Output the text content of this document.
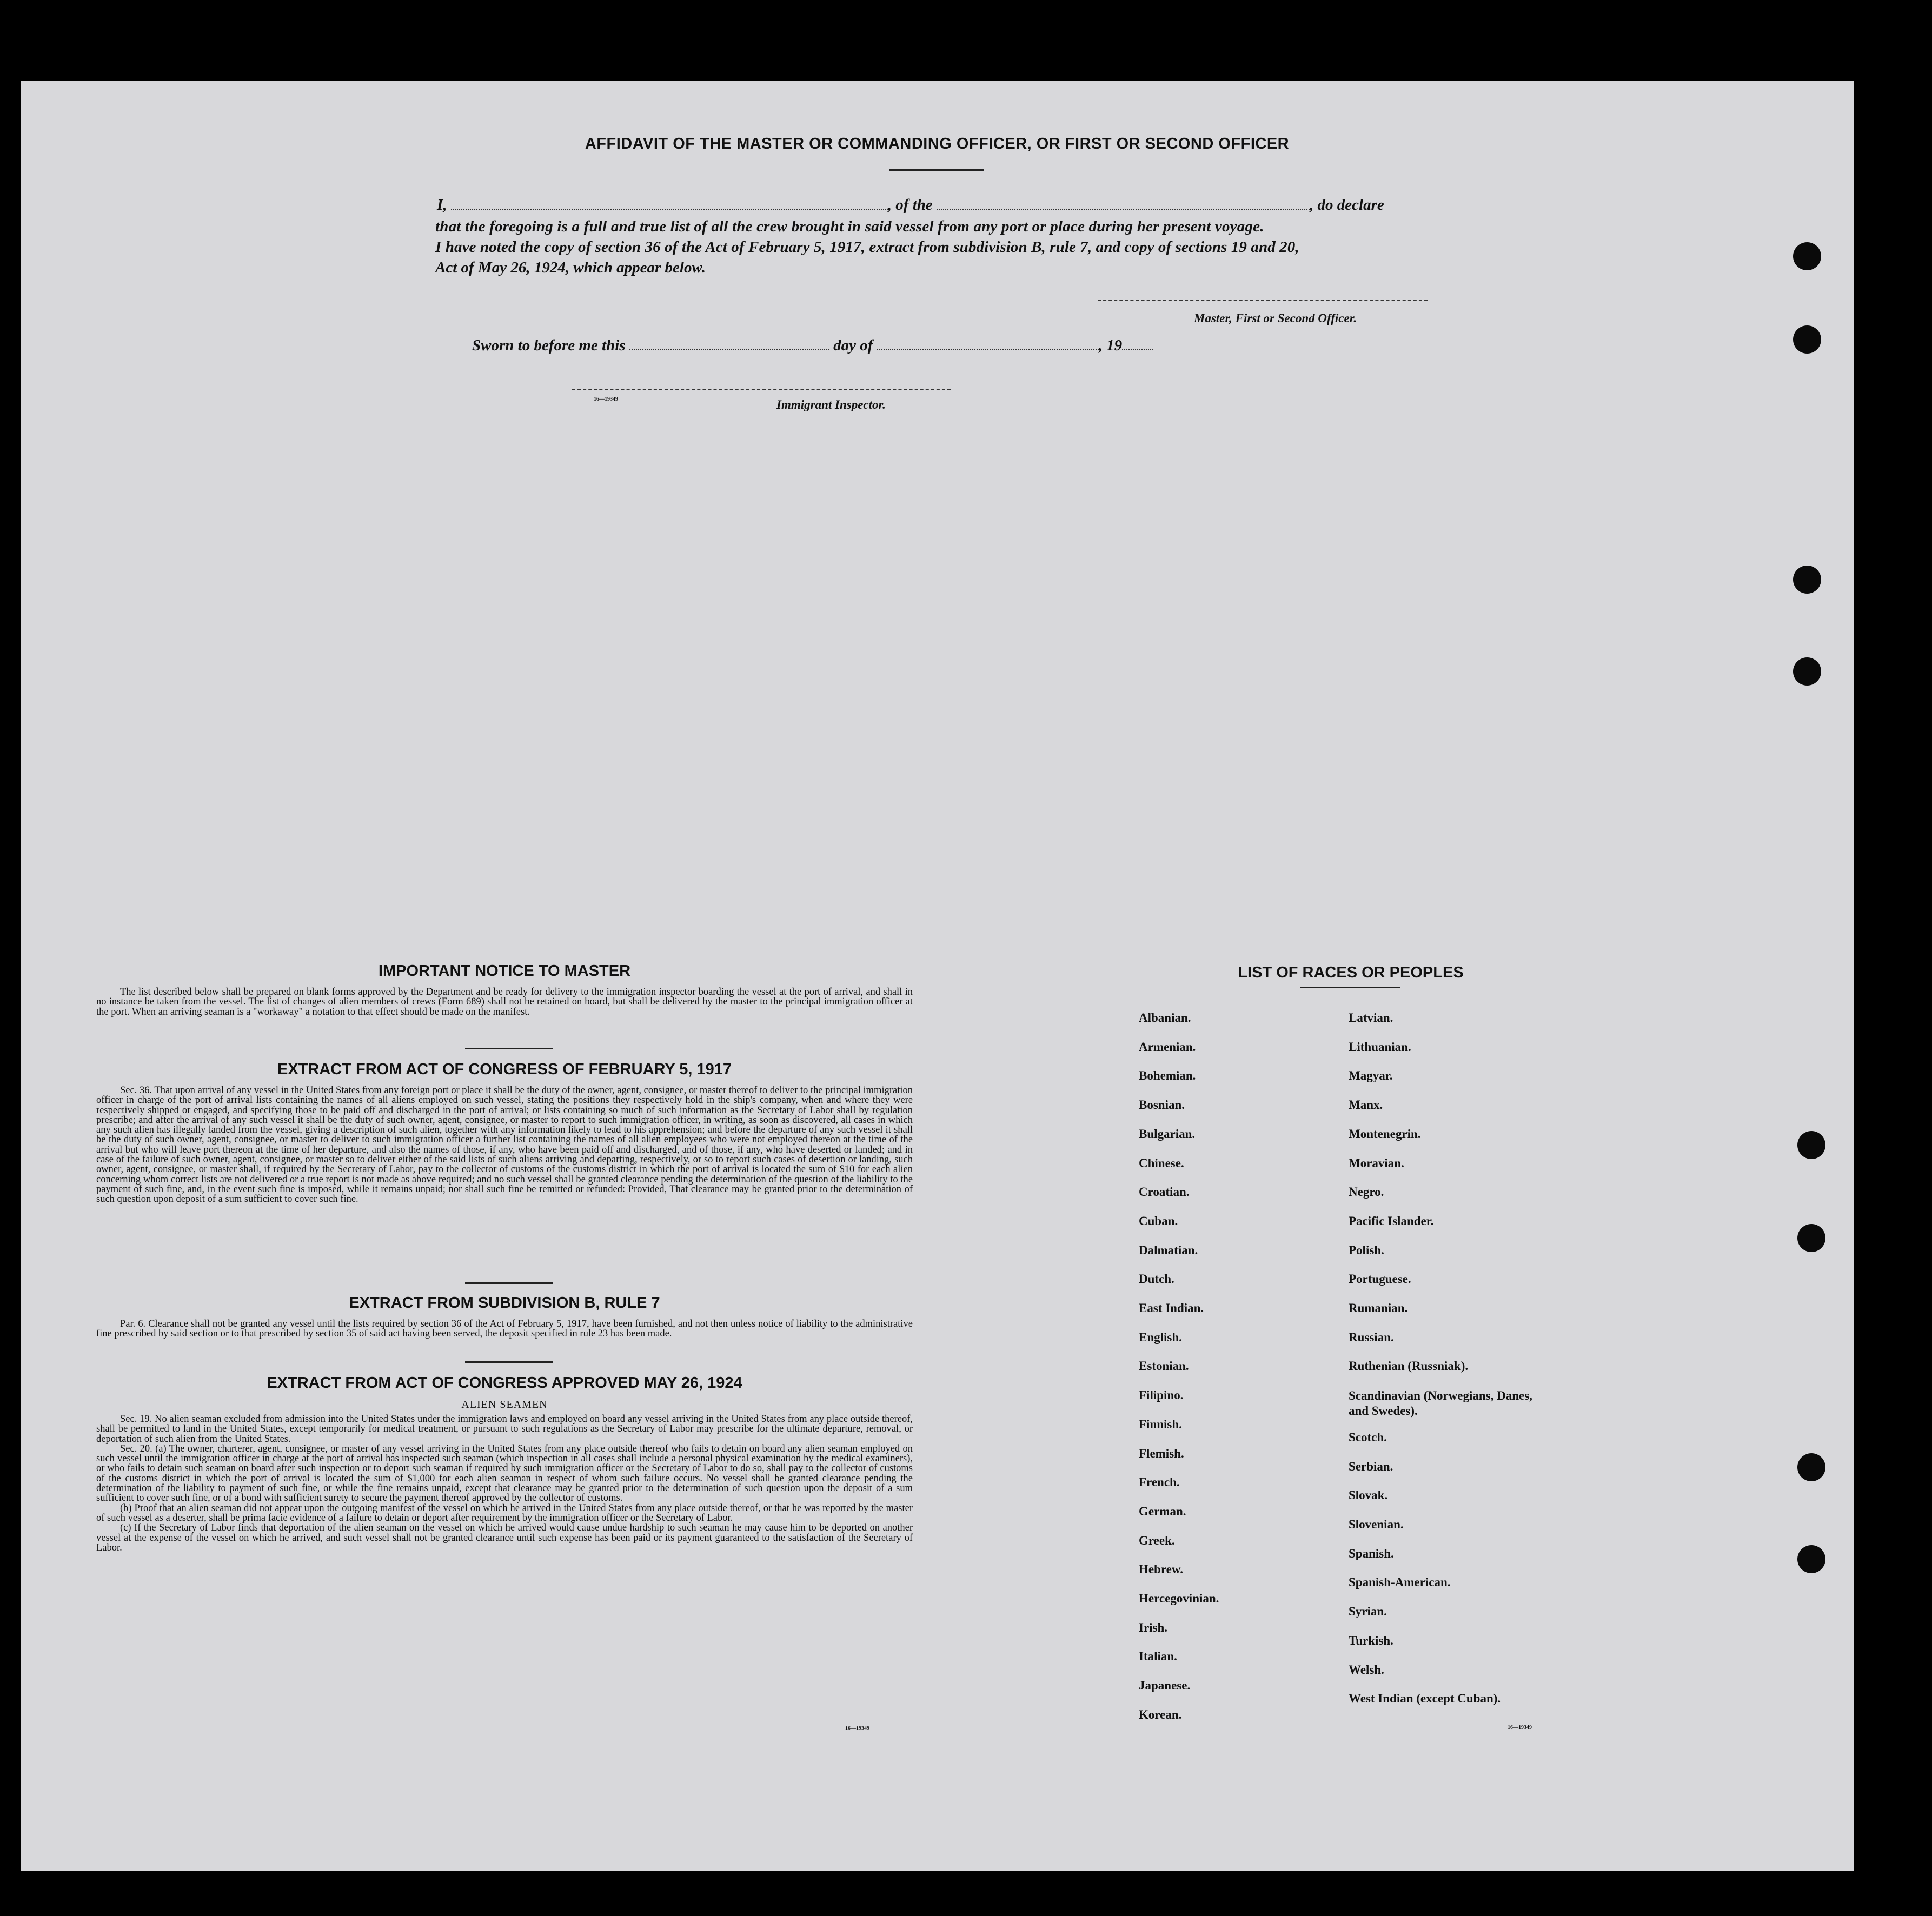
AFFIDAVIT OF THE MASTER OR COMMANDING OFFICER, OR FIRST OR SECOND OFFICER
I,	, of the	, do declare
that the foregoing is a full and true list of all the crew brought in said vessel from any port or place during her present voyage.
I have noted the copy of section 36 of the Act of February 5, 1917, extract from subdivision B, rule 7, and copy of sections 19 and 20,
Act of May 26, 1924, which appear below.
Master, First or Second Officer.
Sworn to before me this	day of	, 19
16—19349	Immigrant Inspector.
IMPORTANT NOTICE TO MASTER

The list described below shall be prepared on blank forms approved by the Department and be ready for delivery to the immigration inspector boarding the vessel at the port of arrival, and shall in no instance be taken from the vessel. The list of changes of alien members of crews (Form 689) shall not be retained on board, but shall be delivered by the master to the principal immigration officer at the port. When an arriving seaman is a "workaway" a notation to that effect should be made on the manifest.

EXTRACT FROM ACT OF CONGRESS OF FEBRUARY 5, 1917

Sec. 36. That upon arrival of any vessel in the United States from any foreign port or place it shall be the duty of the owner, agent, consignee, or master thereof to deliver to the principal immigration officer in charge of the port of arrival lists containing the names of all aliens employed on such vessel, stating the positions they respectively hold in the ship's company, when and where they were respectively shipped or engaged, and specifying those to be paid off and discharged in the port of arrival; or lists containing so much of such information as the Secretary of Labor shall by regulation prescribe; and after the arrival of any such vessel it shall be the duty of such owner, agent, consignee, or master to report to such immigration officer, in writing, as soon as discovered, all cases in which any such alien has illegally landed from the vessel, giving a description of such alien, together with any information likely to lead to his apprehension; and before the departure of any such vessel it shall be the duty of such owner, agent, consignee, or master to deliver to such immigration officer a further list containing the names of all alien employees who were not employed thereon at the time of the arrival but who will leave port thereon at the time of her departure, and also the names of those, if any, who have been paid off and discharged, and of those, if any, who have deserted or landed; and in case of the failure of such owner, agent, consignee, or master so to deliver either of the said lists of such aliens arriving and departing, respectively, or so to report such cases of desertion or landing, such owner, agent, consignee, or master shall, if required by the Secretary of Labor, pay to the collector of customs of the customs district in which the port of arrival is located the sum of $10 for each alien concerning whom correct lists are not delivered or a true report is not made as above required; and no such vessel shall be granted clearance pending the determination of the question of the liability to the payment of such fine, and, in the event such fine is imposed, while it remains unpaid; nor shall such fine be remitted or refunded: Provided, That clearance may be granted prior to the determination of such question upon deposit of a sum sufficient to cover such fine.

EXTRACT FROM SUBDIVISION B, RULE 7

Par. 6. Clearance shall not be granted any vessel until the lists required by section 36 of the Act of February 5, 1917, have been furnished, and not then unless notice of liability to the administrative fine prescribed by said section or to that prescribed by section 35 of said act having been served, the deposit specified in rule 23 has been made.

EXTRACT FROM ACT OF CONGRESS APPROVED MAY 26, 1924
ALIEN SEAMEN

Sec. 19. No alien seaman excluded from admission into the United States under the immigration laws and employed on board any vessel arriving in the United States from any place outside thereof, shall be permitted to land in the United States, except temporarily for medical treatment, or pursuant to such regulations as the Secretary of Labor may prescribe for the ultimate departure, removal, or deportation of such alien from the United States.

Sec. 20. (a) The owner, charterer, agent, consignee, or master of any vessel arriving in the United States from any place outside thereof who fails to detain on board any alien seaman employed on such vessel until the immigration officer in charge at the port of arrival has inspected such seaman (which inspection in all cases shall include a personal physical examination by the medical examiners), or who fails to detain such seaman on board after such inspection or to deport such seaman if required by such immigration officer or the Secretary of Labor to do so, shall pay to the collector of customs of the customs district in which the port of arrival is located the sum of $1,000 for each alien seaman in respect of whom such failure occurs. No vessel shall be granted clearance pending the determination of the liability to payment of such fine, or while the fine remains unpaid, except that clearance may be granted prior to the determination of such question upon the deposit of a sum sufficient to cover such fine, or of a bond with sufficient surety to secure the payment thereof approved by the collector of customs.

(b) Proof that an alien seaman did not appear upon the outgoing manifest of the vessel on which he arrived in the United States from any place outside thereof, or that he was reported by the master of such vessel as a deserter, shall be prima facie evidence of a failure to detain or deport after requirement by the immigration officer or the Secretary of Labor.

(c) If the Secretary of Labor finds that deportation of the alien seaman on the vessel on which he arrived would cause undue hardship to such seaman he may cause him to be deported on another vessel at the expense of the vessel on which he arrived, and such vessel shall not be granted clearance until such expense has been paid or its payment guaranteed to the satisfaction of the Secretary of Labor.

16—19349
LIST OF RACES OR PEOPLES
Albanian.
Armenian.
Bohemian.
Bosnian.
Bulgarian.
Chinese.
Croatian.
Cuban.
Dalmatian.
Dutch.
East Indian.
English.
Estonian.
Filipino.
Finnish.
Flemish.
French.
German.
Greek.
Hebrew.
Hercegovinian.
Irish.
Italian.
Japanese.
Korean.
Latvian.
Lithuanian.
Magyar.
Manx.
Montenegrin.
Moravian.
Negro.
Pacific Islander.
Polish.
Portuguese.
Rumanian.
Russian.
Ruthenian (Russniak).
Scandinavian (Norwegians, Danes, and Swedes).
Scotch.
Serbian.
Slovak.
Slovenian.
Spanish.
Spanish-American.
Syrian.
Turkish.
Welsh.
West Indian (except Cuban).
16—19349
